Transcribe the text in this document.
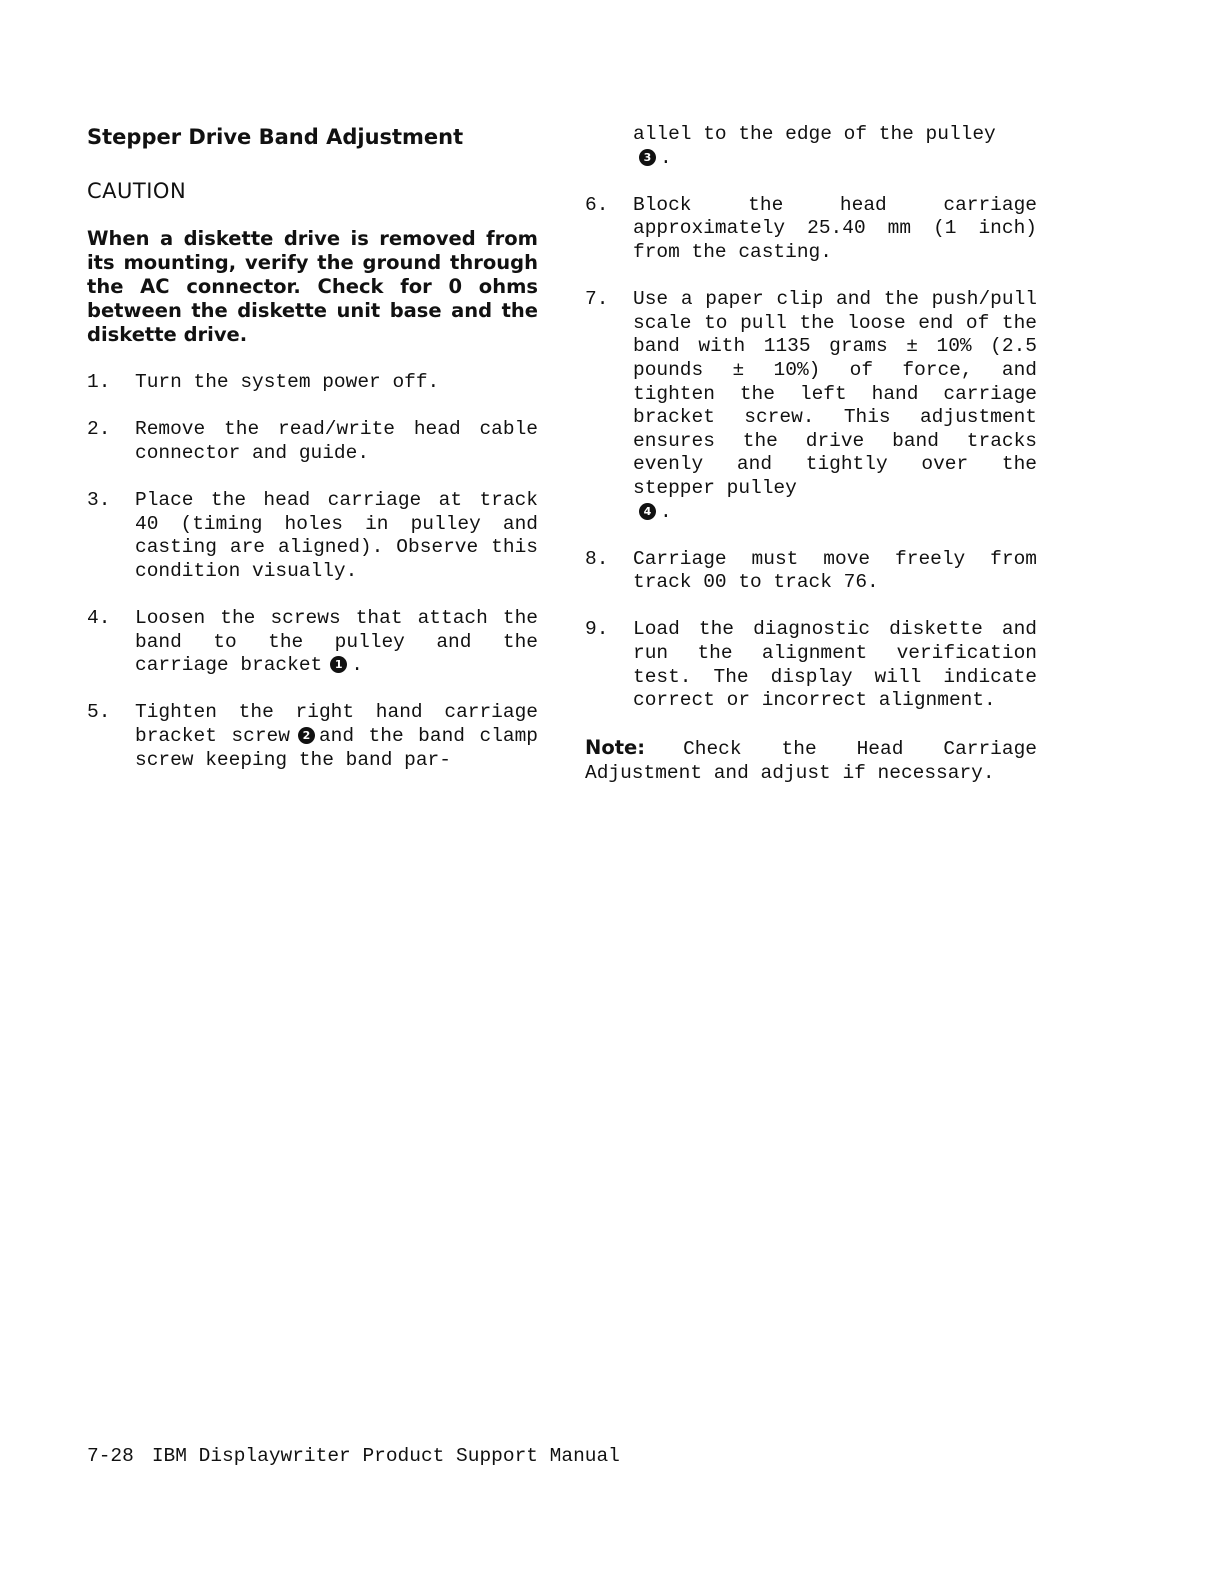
Stepper Drive Band Adjustment
CAUTION

When a diskette drive is removed from its mounting, verify the ground through the AC connector. Check for 0 ohms between the diskette unit base and the diskette drive.

1.	Turn the system power off.
2.	Remove the read/write head cable connector and guide.
3.	Place the head carriage at track 40 (timing holes in pulley and casting are aligned). Observe this condition visually.
4.	Loosen the screws that attach the band to the pulley and the carriage bracket 1 .
5.	Tighten the right hand carriage bracket screw 2 and the band clamp screw keeping the band par-
allel to the edge of the pulley
3 .
6.	Block the head carriage approximately 25.40 mm (1 inch) from the casting.
7.	Use a paper clip and the push/pull scale to pull the loose end of the band with 1135 grams ± 10% (2.5 pounds ± 10%) of force, and tighten the left hand carriage bracket screw. This adjustment ensures the drive band tracks evenly and tightly over the stepper pulley
4 .
8.	Carriage must move freely from track 00 to track 76.
9.	Load the diagnostic diskette and run the alignment verification test. The display will indicate correct or incorrect alignment.
Note: Check the Head Carriage Adjustment and adjust if necessary.
7-28 IBM Displaywriter Product Support Manual
